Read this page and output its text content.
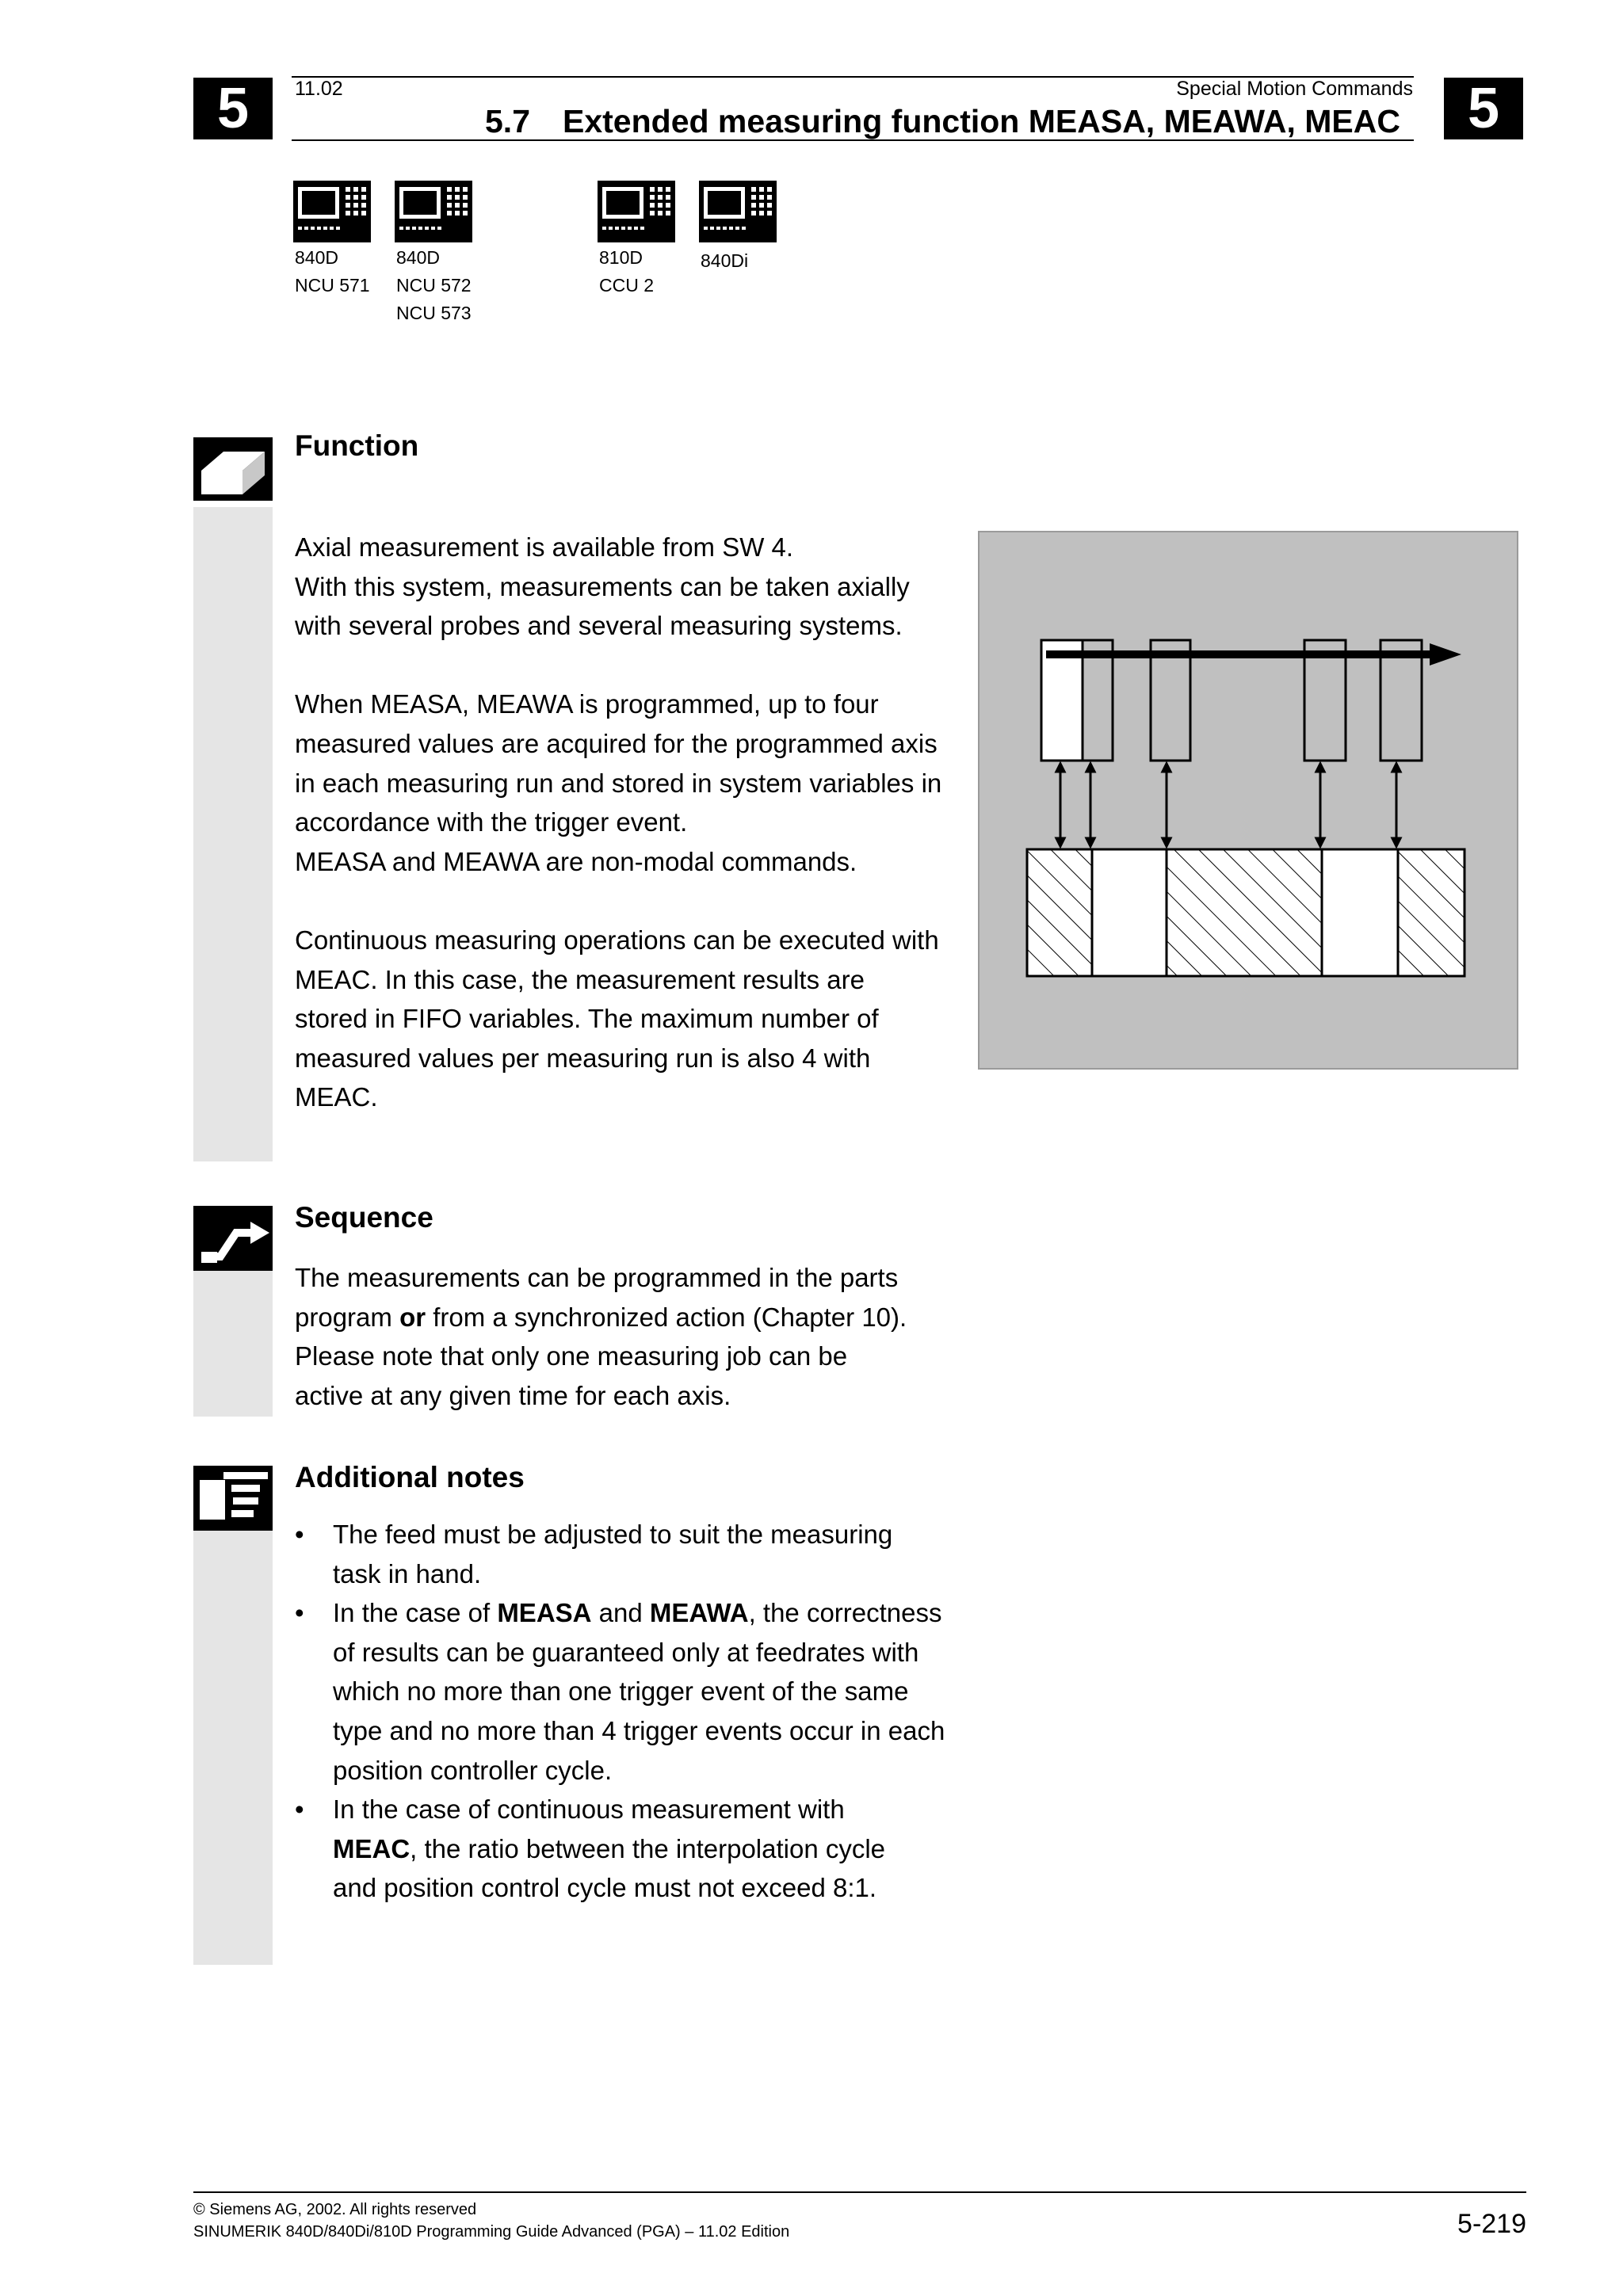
5	5
11.02	Special Motion Commands
5.7 Extended measuring function MEASA, MEAWA, MEAC
840D
NCU 571
840D
NCU 572
NCU 573
810D
CCU 2
840Di
Function

Axial measurement is available from SW 4.

With this system, measurements can be taken axially

with several probes and several measuring systems.

When MEASA, MEAWA is programmed, up to four

measured values are acquired for the programmed axis

in each measuring run and stored in system variables in

accordance with the trigger event.

MEASA and MEAWA are non-modal commands.

Continuous measuring operations can be executed with

MEAC. In this case, the measurement results are

stored in FIFO variables. The maximum number of

measured values per measuring run is also 4 with

MEAC.

Sequence

The measurements can be programmed in the parts

program or from a synchronized action (Chapter 10).

Please note that only one measuring job can be

active at any given time for each axis.

Additional notes
• The feed must be adjusted to suit the measuring
task in hand.
• In the case of MEASA and MEAWA, the correctness
of results can be guaranteed only at feedrates with
which no more than one trigger event of the same
type and no more than 4 trigger events occur in each
position controller cycle.
• In the case of continuous measurement with
MEAC, the ratio between the interpolation cycle
and position control cycle must not exceed 8:1.
© Siemens AG, 2002. All rights reserved
SINUMERIK 840D/840Di/810D Programming Guide Advanced (PGA) – 11.02 Edition	5-219
